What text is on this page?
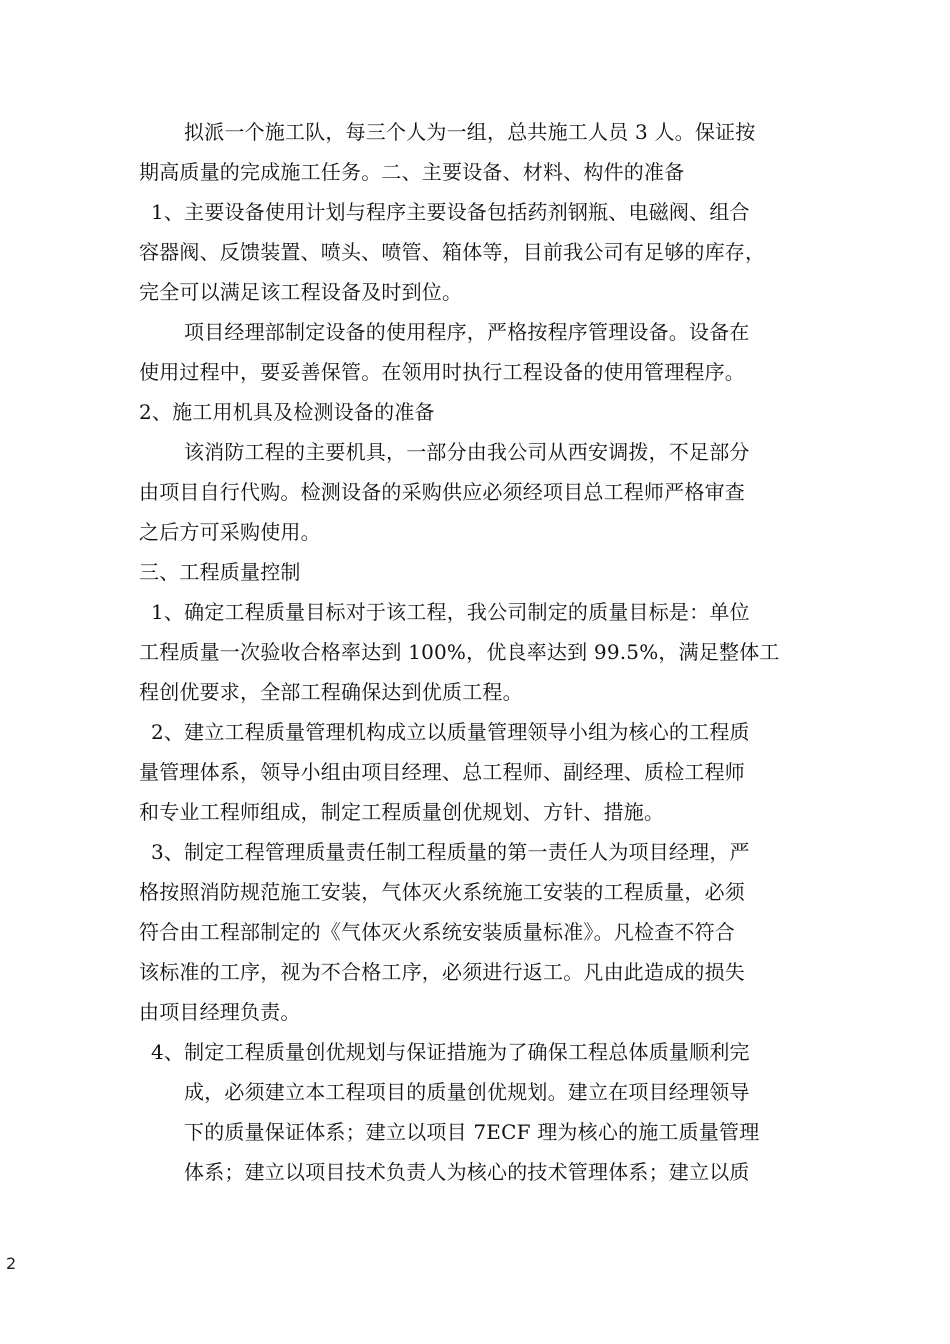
拟派一个施工队，每三个人为一组，总共施工人员 3 人。保证按
期高质量的完成施工任务。二、主要设备、材料、构件的准备
1、主要设备使用计划与程序主要设备包括药剂钢瓶、电磁阀、组合
容器阀、反馈装置、喷头、喷管、箱体等，目前我公司有足够的库存，
完全可以满足该工程设备及时到位。
项目经理部制定设备的使用程序，严格按程序管理设备。设备在
使用过程中，要妥善保管。在领用时执行工程设备的使用管理程序。
2、施工用机具及检测设备的准备
该消防工程的主要机具，一部分由我公司从西安调拨，不足部分
由项目自行代购。检测设备的采购供应必须经项目总工程师严格审查
之后方可采购使用。
三、工程质量控制
1、确定工程质量目标对于该工程，我公司制定的质量目标是：单位
工程质量一次验收合格率达到 100%，优良率达到 99.5%，满足整体工
程创优要求，全部工程确保达到优质工程。
2、建立工程质量管理机构成立以质量管理领导小组为核心的工程质
量管理体系，领导小组由项目经理、总工程师、副经理、质检工程师
和专业工程师组成，制定工程质量创优规划、方针、措施。
3、制定工程管理质量责任制工程质量的第一责任人为项目经理，严
格按照消防规范施工安装，气体灭火系统施工安装的工程质量，必须
符合由工程部制定的《气体灭火系统安装质量标准》。凡检查不符合
该标准的工序，视为不合格工序，必须进行返工。凡由此造成的损失
由项目经理负责。
4、制定工程质量创优规划与保证措施为了确保工程总体质量顺利完
成，必须建立本工程项目的质量创优规划。建立在项目经理领导
下的质量保证体系；建立以项目 7ECF 理为核心的施工质量管理
体系；建立以项目技术负责人为核心的技术管理体系；建立以质
2
